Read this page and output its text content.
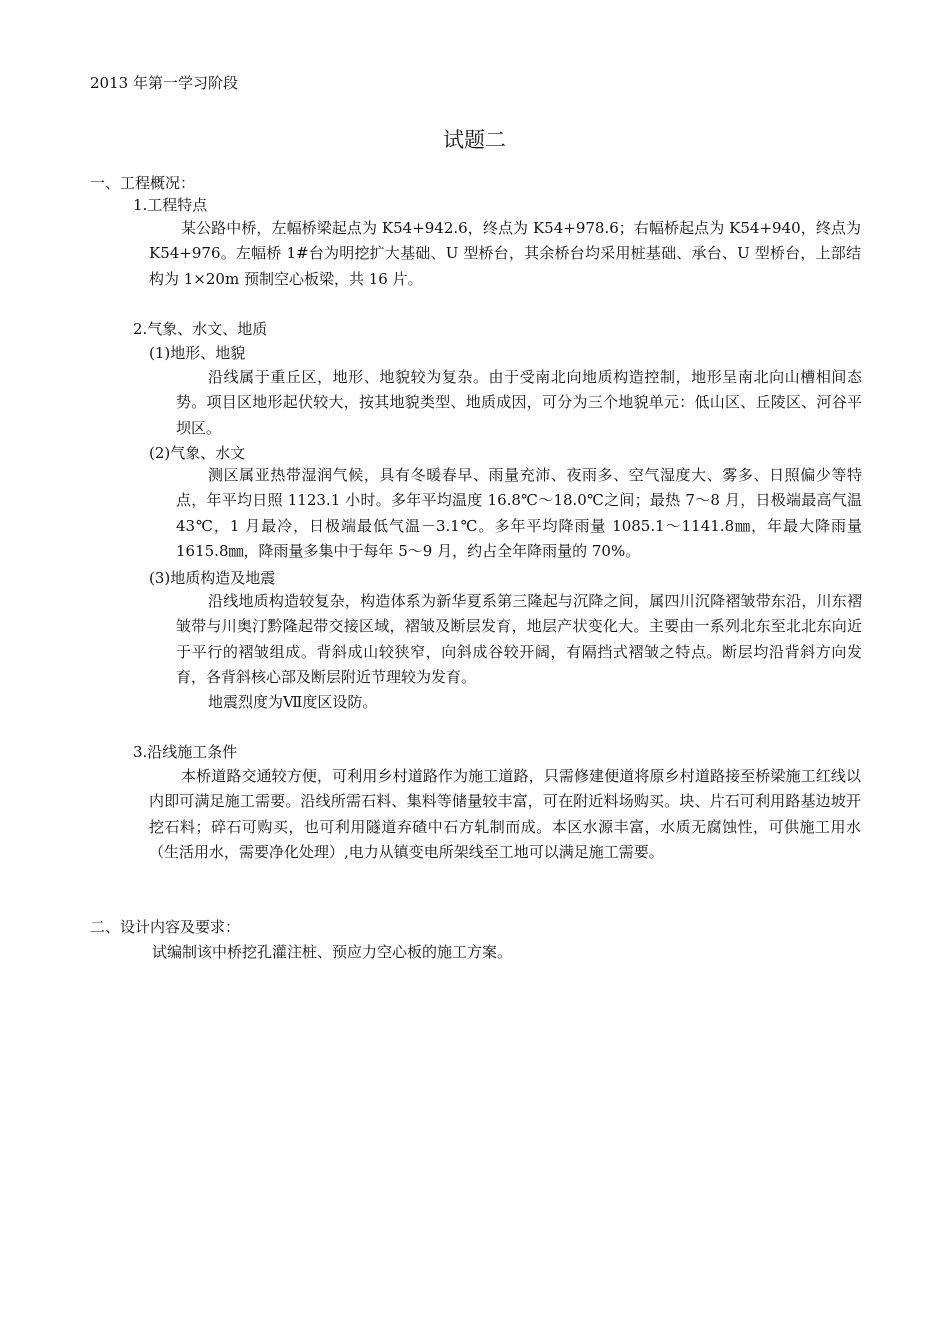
2013 年第一学习阶段
试题二
一、工程概况：
1.工程特点
某公路中桥，左幅桥梁起点为 K54+942.6，终点为 K54+978.6；右幅桥起点为 K54+940，终点为 K54+976。左幅桥 1#台为明挖扩大基础、U 型桥台，其余桥台均采用桩基础、承台、U 型桥台，上部结构为 1×20m 预制空心板梁，共 16 片。
2.气象、水文、地质
(1)地形、地貌
沿线属于重丘区，地形、地貌较为复杂。由于受南北向地质构造控制，地形呈南北向山槽相间态势。项目区地形起伏较大，按其地貌类型、地质成因，可分为三个地貌单元：低山区、丘陵区、河谷平坝区。
(2)气象、水文
测区属亚热带湿润气候，具有冬暖春早、雨量充沛、夜雨多、空气湿度大、雾多、日照偏少等特点，年平均日照 1123.1 小时。多年平均温度 16.8℃～18.0℃之间；最热 7～8 月，日极端最高气温 43℃，1 月最冷，日极端最低气温－3.1℃。多年平均降雨量 1085.1～1141.8㎜，年最大降雨量 1615.8㎜，降雨量多集中于每年 5～9 月，约占全年降雨量的 70%。
(3)地质构造及地震
沿线地质构造较复杂，构造体系为新华夏系第三隆起与沉降之间，属四川沉降褶皱带东沿，川东褶皱带与川奥汀黔隆起带交接区域，褶皱及断层发育，地层产状变化大。主要由一系列北东至北北东向近于平行的褶皱组成。背斜成山较狭窄，向斜成谷较开阔，有隔挡式褶皱之特点。断层均沿背斜方向发育，各背斜核心部及断层附近节理较为发育。
地震烈度为Ⅶ度区设防。
3.沿线施工条件
本桥道路交通较方便，可利用乡村道路作为施工道路，只需修建便道将原乡村道路接至桥梁施工红线以内即可满足施工需要。沿线所需石料、集料等储量较丰富，可在附近料场购买。块、片石可利用路基边坡开挖石料；碎石可购买，也可利用隧道弃碴中石方轧制而成。本区水源丰富，水质无腐蚀性，可供施工用水（生活用水，需要净化处理）,电力从镇变电所架线至工地可以满足施工需要。
二、设计内容及要求：
试编制该中桥挖孔灌注桩、预应力空心板的施工方案。
